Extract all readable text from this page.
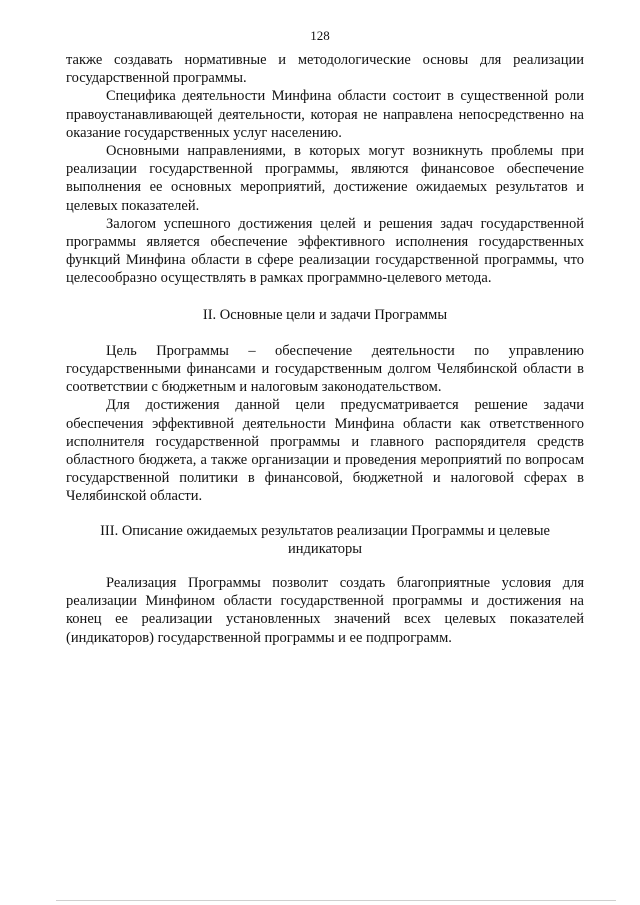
128

также создавать нормативные и методологические основы для реализации государственной программы.

Специфика деятельности Минфина области состоит в существенной роли правоустанавливающей деятельности, которая не направлена непосредственно на оказание государственных услуг населению.

Основными направлениями, в которых могут возникнуть проблемы при реализации государственной программы, являются финансовое обеспечение выполнения ее основных мероприятий, достижение ожидаемых результатов и целевых показателей.

Залогом успешного достижения целей и решения задач государственной программы является обеспечение эффективного исполнения государственных функций Минфина области в сфере реализации государственной программы, что целесообразно осуществлять в рамках программно-целевого метода.

II. Основные цели и задачи Программы

Цель Программы – обеспечение деятельности по управлению государственными финансами и государственным долгом Челябинской области в соответствии с бюджетным и налоговым законодательством.

Для достижения данной цели предусматривается решение задачи обеспечения эффективной деятельности Минфина области как ответственного исполнителя государственной программы и главного распорядителя средств областного бюджета, а также организации и проведения мероприятий по вопросам государственной политики в финансовой, бюджетной и налоговой сферах в Челябинской области.

III. Описание ожидаемых результатов реализации Программы и целевые

индикаторы

Реализация Программы позволит создать благоприятные условия для реализации Минфином области государственной программы и достижения на конец ее реализации установленных значений всех целевых показателей (индикаторов) государственной программы и ее подпрограмм.
